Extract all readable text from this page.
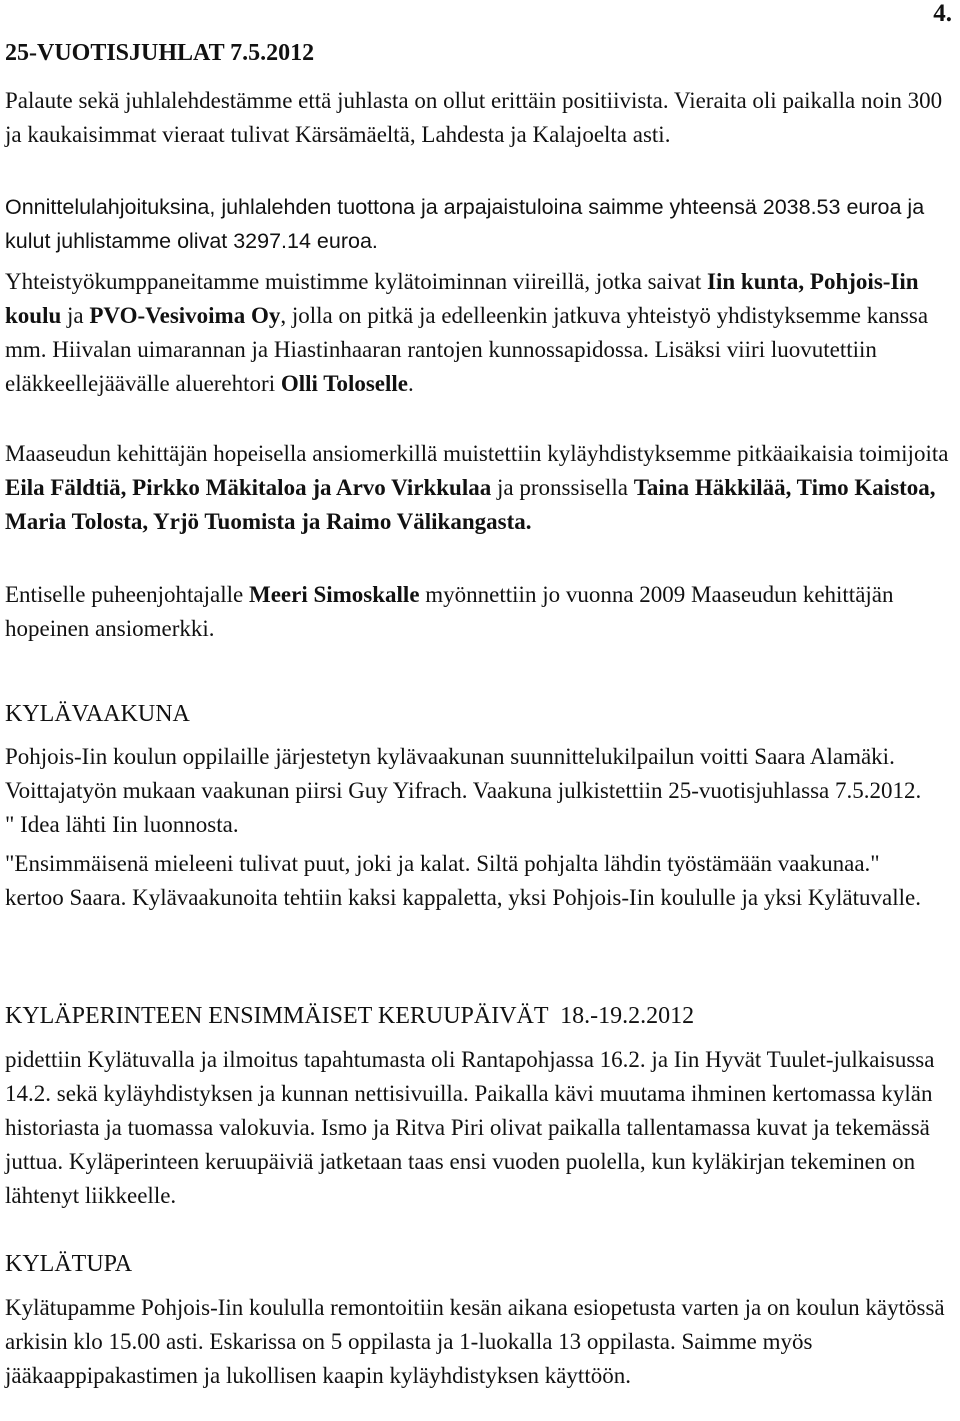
4.
25-VUOTISJUHLAT 7.5.2012

Palaute sekä juhlalehdestämme että juhlasta on ollut erittäin positiivista. Vieraita oli paikalla noin 300 ja kaukaisimmat vieraat tulivat Kärsämäeltä, Lahdesta ja Kalajoelta asti.

Onnittelulahjoituksina, juhlalehden tuottona ja arpajaistuloina saimme yhteensä 2038.53 euroa ja kulut juhlistamme olivat 3297.14 euroa.

Yhteistyökumppaneitamme muistimme kylätoiminnan viireillä, jotka saivat Iin kunta, Pohjois-Iin koulu ja PVO-Vesivoima Oy, jolla on pitkä ja edelleenkin jatkuva yhteistyö yhdistyksemme kanssa mm. Hiivalan uimarannan ja Hiastinhaaran rantojen kunnossapidossa. Lisäksi viiri luovutettiin eläkkeellejäävälle aluerehtori Olli Toloselle.

Maaseudun kehittäjän hopeisella ansiomerkillä muistettiin kyläyhdistyksemme pitkäaikaisia toimijoita Eila Fäldtiä, Pirkko Mäkitaloa ja Arvo Virkkulaa ja pronssisella Taina Häkkilää, Timo Kaistoa, Maria Tolosta, Yrjö Tuomista ja Raimo Välikangasta.

Entiselle puheenjohtajalle Meeri Simoskalle myönnettiin jo vuonna 2009 Maaseudun kehittäjän hopeinen ansiomerkki.

KYLÄVAAKUNA

Pohjois-Iin koulun oppilaille järjestetyn kylävaakunan suunnittelukilpailun voitti Saara Alamäki. Voittajatyön mukaan vaakunan piirsi Guy Yifrach. Vaakuna julkistettiin 25-vuotisjuhlassa 7.5.2012. " Idea lähti Iin luonnosta.

"Ensimmäisenä mieleeni tulivat puut, joki ja kalat. Siltä pohjalta lähdin työstämään vaakunaa." kertoo Saara. Kylävaakunoita tehtiin kaksi kappaletta, yksi Pohjois-Iin koululle ja yksi Kylätuvalle.

KYLÄPERINTEEN ENSIMMÄISET KERUUPÄIVÄT  18.-19.2.2012

pidettiin Kylätuvalla ja ilmoitus tapahtumasta oli Rantapohjassa 16.2. ja Iin Hyvät Tuulet-julkaisussa 14.2. sekä kyläyhdistyksen ja kunnan nettisivuilla. Paikalla kävi muutama ihminen kertomassa kylän historiasta ja tuomassa valokuvia. Ismo ja Ritva Piri olivat paikalla tallentamassa kuvat ja tekemässä juttua. Kyläperinteen keruupäiviä jatketaan taas ensi vuoden puolella, kun kyläkirjan tekeminen on lähtenyt liikkeelle.

KYLÄTUPA

Kylätupamme Pohjois-Iin koululla remontoitiin kesän aikana esiopetusta varten ja on koulun käytössä arkisin klo 15.00 asti. Eskarissa on 5 oppilasta ja 1-luokalla 13 oppilasta. Saimme myös jääkaappipakastimen ja lukollisen kaapin kyläyhdistyksen käyttöön.
